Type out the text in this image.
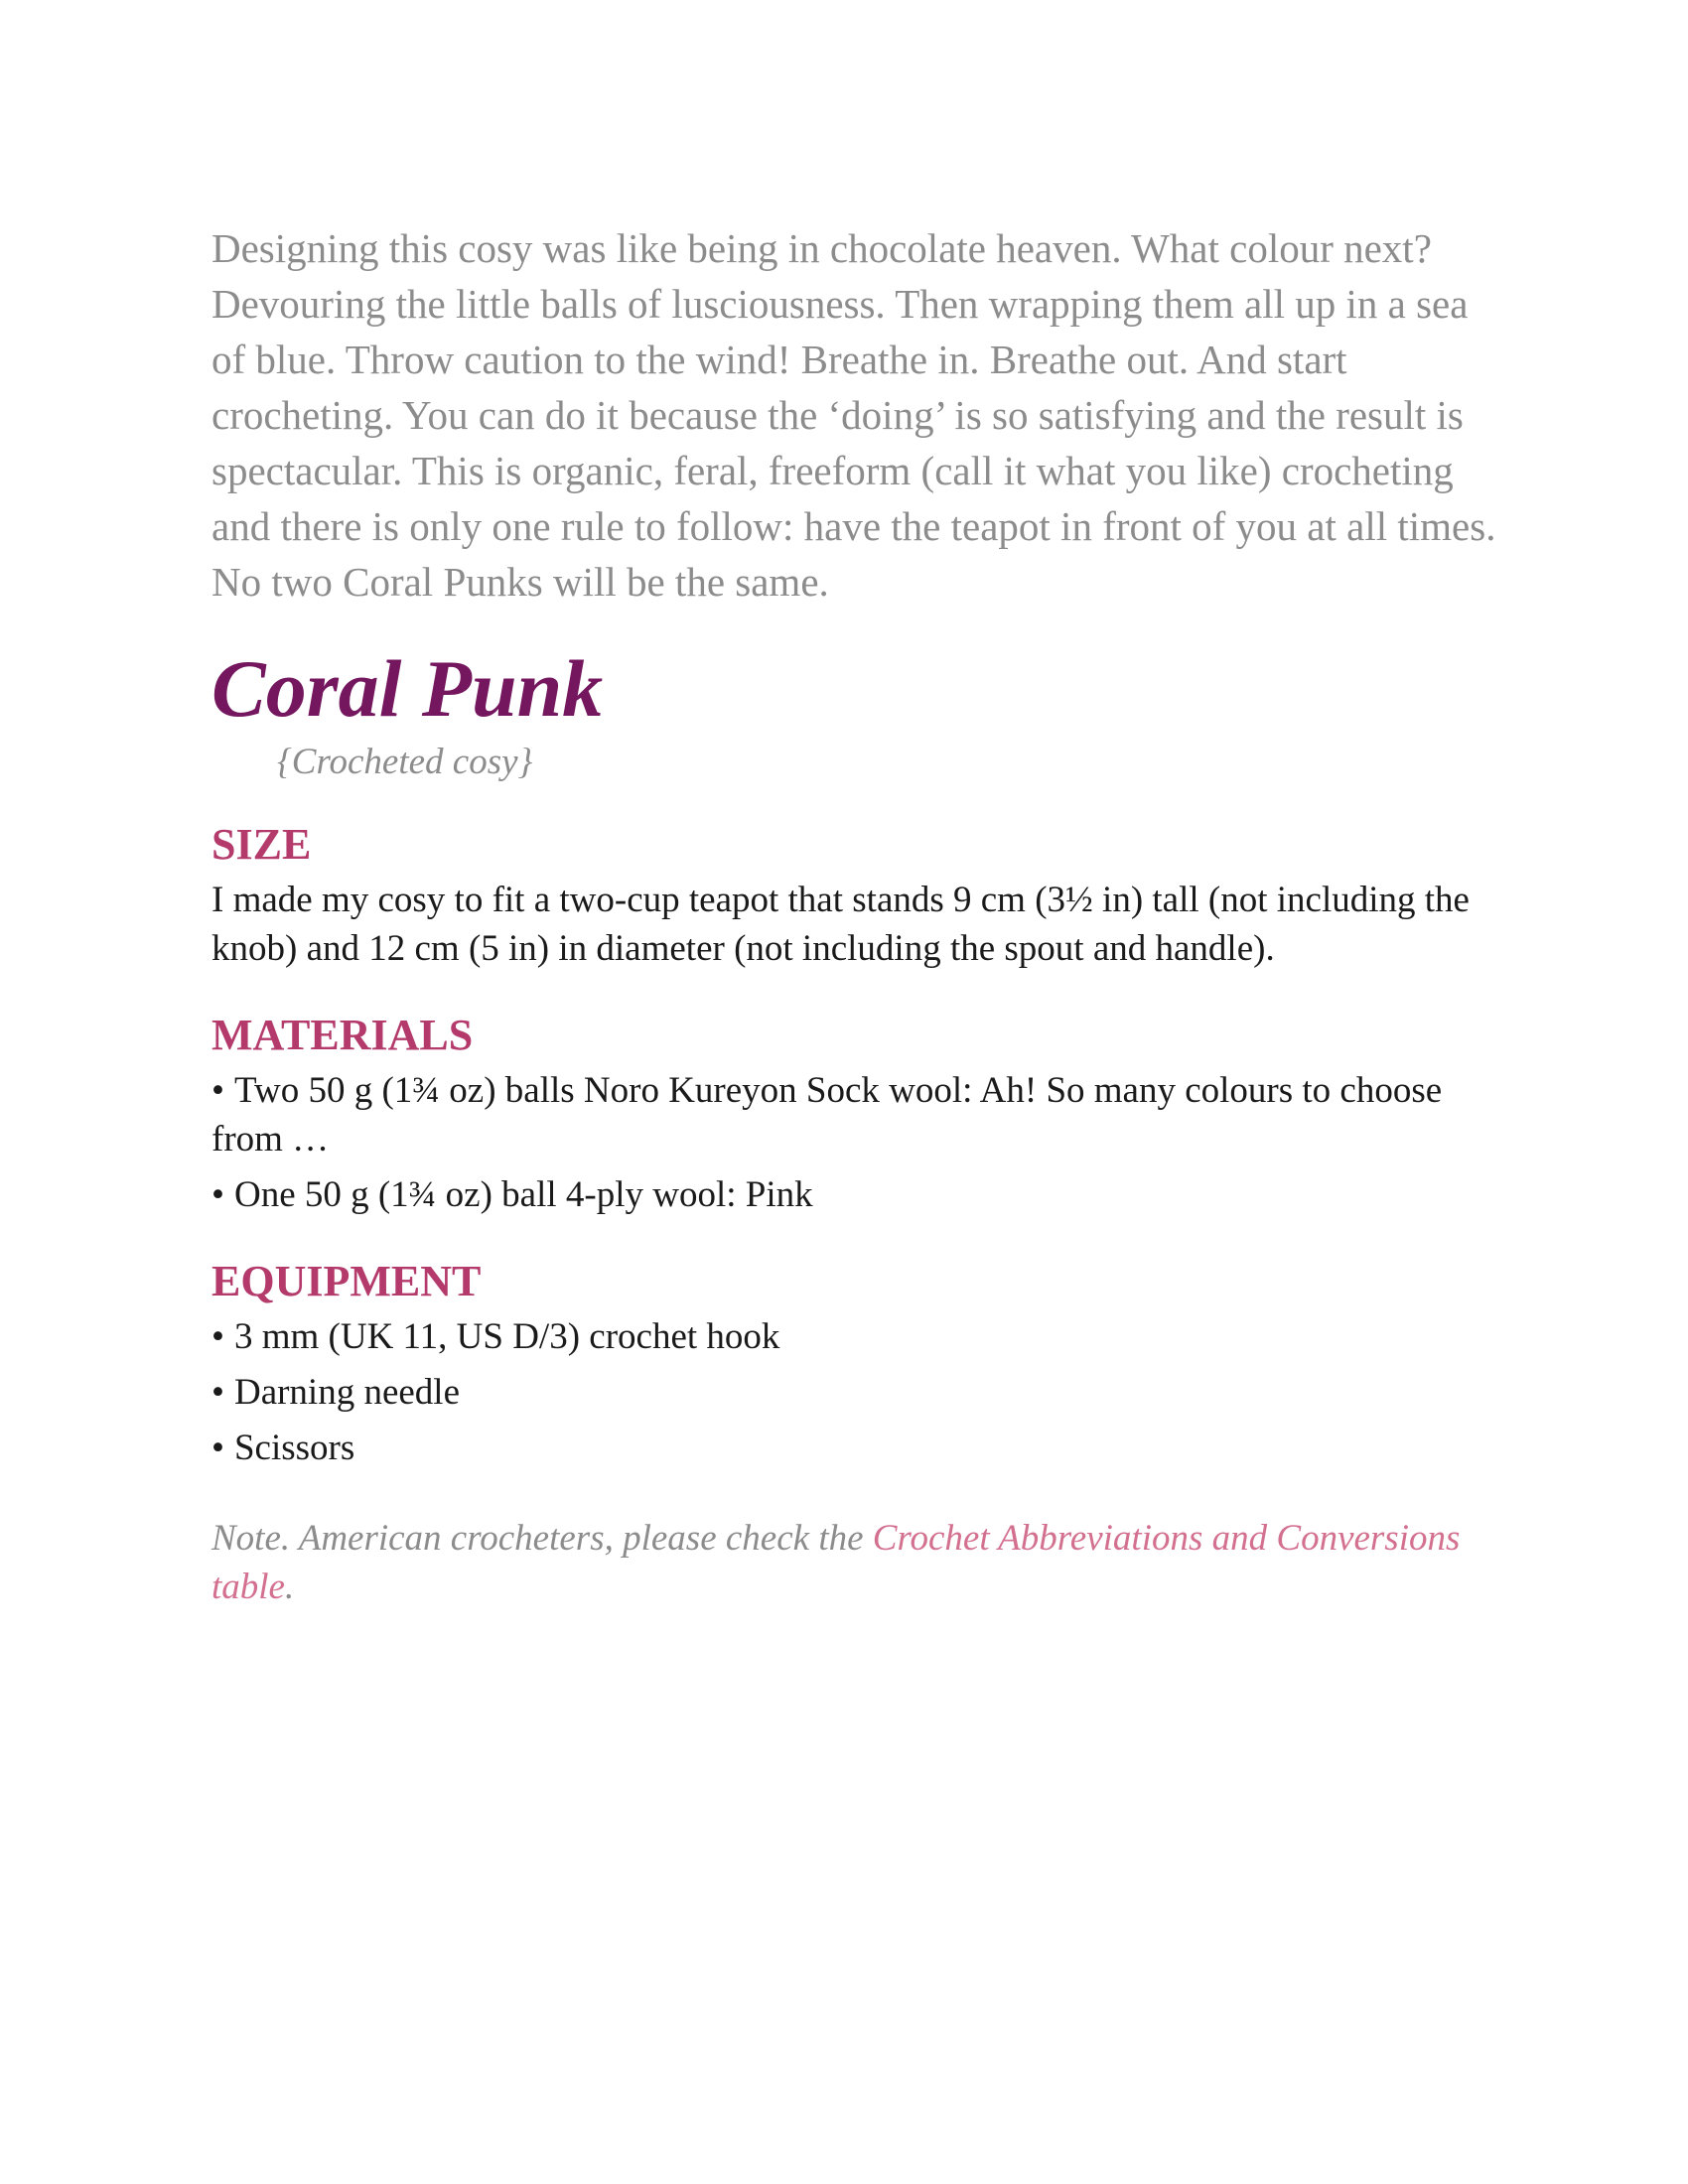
Designing this cosy was like being in chocolate heaven. What colour next? Devouring the little balls of lusciousness. Then wrapping them all up in a sea of blue. Throw caution to the wind! Breathe in. Breathe out. And start crocheting. You can do it because the ‘doing’ is so satisfying and the result is spectacular. This is organic, feral, freeform (call it what you like) crocheting and there is only one rule to follow: have the teapot in front of you at all times. No two Coral Punks will be the same.

Coral Punk
{Crocheted cosy}
SIZE

I made my cosy to fit a two-cup teapot that stands 9 cm (3½ in) tall (not including the knob) and 12 cm (5 in) in diameter (not including the spout and handle).

MATERIALS
• Two 50 g (1¾ oz) balls Noro Kureyon Sock wool: Ah! So many colours to choose from …
• One 50 g (1¾ oz) ball 4-ply wool: Pink
EQUIPMENT
• 3 mm (UK 11, US D/3) crochet hook
• Darning needle
• Scissors

Note. American crocheters, please check the Crochet Abbreviations and Conversions table.
